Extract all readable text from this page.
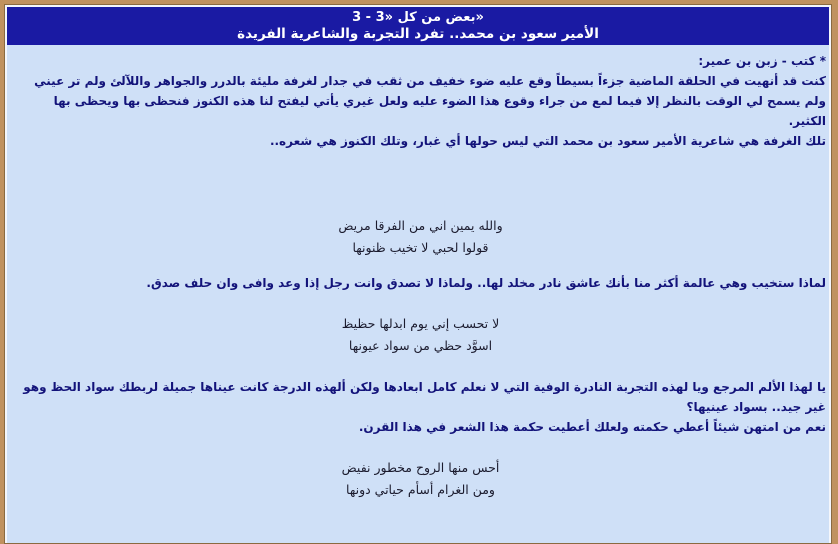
بعض من كل «3 - 3»
الأمير سعود بن محمد.. تفرد التجربة والشاعرية الفريدة

* كتب - زبن بن عمير:

كنت قد أنهيت في الحلقة الماضية جزءاً بسيطاً وقع عليه ضوء خفيف من ثقب في جدار لغرفة مليئة بالدرر والجواهر واللآلئ ولم تر عيني ولم يسمح لي الوقت بالنظر إلا فيما لمع من جراء وقوع هذا الضوء عليه ولعل غيري يأتي ليفتح لنا هذه الكنوز فنحظى بها ويحظى بها الكثير.

تلك الغرفة هي شاعرية الأمير سعود بن محمد التي ليس حولها أي غبار، وتلك الكنوز هي شعره..

والله يمين اني من الفرقا مريض
قولوا لحبي لا تخيب ظنونها

لماذا ستخيب وهي عالمة أكثر منا بأنك عاشق نادر مخلد لها.. ولماذا لا تصدق وانت رجل إذا وعد وافى وان حلف صدق.

لا تحسب إني يوم ابدلها حظيظ
اسوَّد حظي من سواد عيونها

يا لهذا الألم المرجع ويا لهذه التجربة النادرة الوفية التي لا نعلم كامل ابعادها ولكن ألهذه الدرجة كانت عيناها جميلة لربطك سواد الحظ وهو غير جيد.. بسواد عينيها؟

نعم من امتهن شيئاً أعطي حكمته ولعلك أعطيت حكمة هذا الشعر في هذا القرن.

أحس منها الروح مخطور نفيض
ومن الغرام أسأم حياتي دونها
